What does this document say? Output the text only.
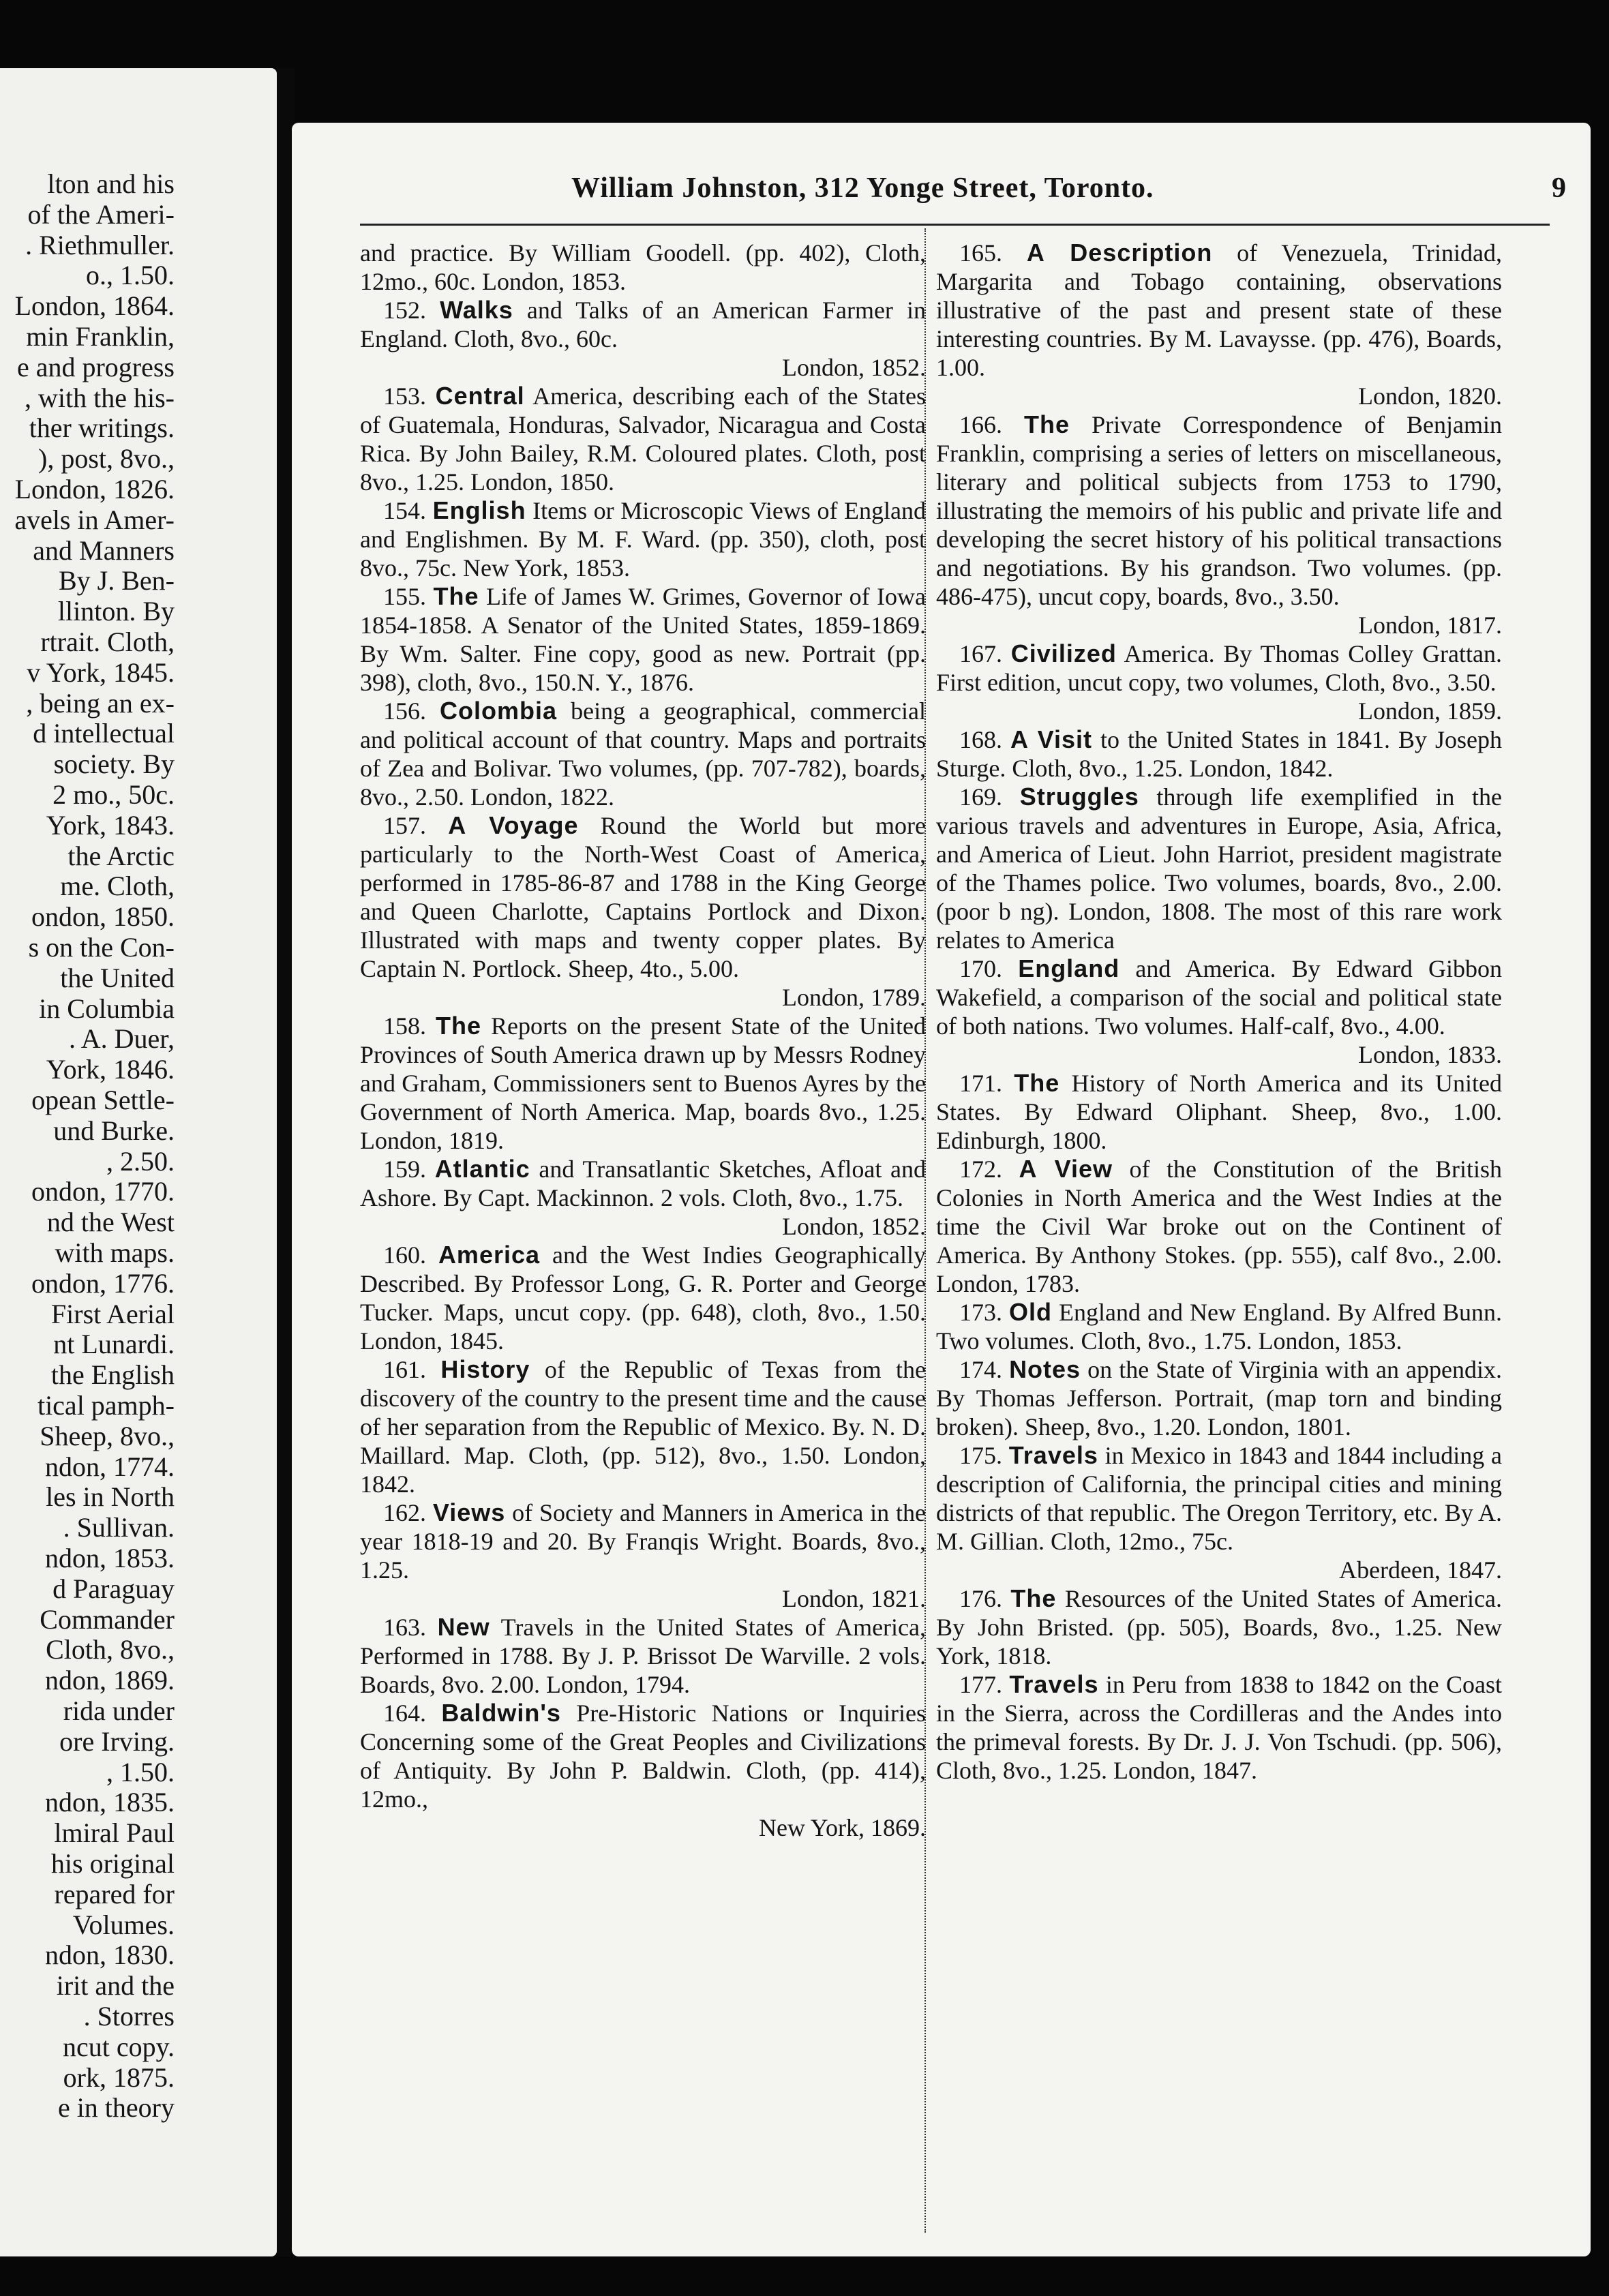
lton and his
of the Ameri-
. Riethmuller.
o., 1.50.
London, 1864.
min Franklin,
e and progress
, with the his-
ther writings.
), post, 8vo.,
London, 1826.
avels in Amer-
and Manners
By J. Ben-
llinton. By
rtrait. Cloth,
v York, 1845.
, being an ex-
d intellectual
society. By
2 mo., 50c.
York, 1843.
the Arctic
me. Cloth,
ondon, 1850.
s on the Con-
the United
in Columbia
. A. Duer,
York, 1846.
opean Settle-
und Burke.
, 2.50.
ondon, 1770.
nd the West
with maps.
ondon, 1776.
First Aerial
nt Lunardi.
the English
tical pamph-
Sheep, 8vo.,
ndon, 1774.
les in North
. Sullivan.
ndon, 1853.
d Paraguay
Commander
Cloth, 8vo.,
ndon, 1869.
rida under
ore Irving.
, 1.50.
ndon, 1835.
lmiral Paul
his original
repared for
Volumes.
ndon, 1830.
irit and the
. Storres
ncut copy.
ork, 1875.
e in theory
William Johnston, 312 Yonge Street, Toronto.	9

and practice. By William Goodell. (pp. 402), Cloth, 12mo., 60c. London, 1853.

152. Walks and Talks of an American Farmer in England. Cloth, 8vo., 60c.
London, 1852.

153. Central America, describing each of the States of Guatemala, Honduras, Salvador, Nicaragua and Costa Rica. By John Bailey, R.M. Coloured plates. Cloth, post 8vo., 1.25. London, 1850.

154. English Items or Microscopic Views of England and Englishmen. By M. F. Ward. (pp. 350), cloth, post 8vo., 75c. New York, 1853.

155. The Life of James W. Grimes, Governor of Iowa 1854-1858. A Senator of the United States, 1859-1869. By Wm. Salter. Fine copy, good as new. Portrait (pp. 398), cloth, 8vo., 150.N. Y., 1876.

156. Colombia being a geographical, commercial and political account of that country. Maps and portraits of Zea and Bolivar. Two volumes, (pp. 707-782), boards, 8vo., 2.50. London, 1822.

157. A Voyage Round the World but more particularly to the North-West Coast of America, performed in 1785-86-87 and 1788 in the King George and Queen Charlotte, Captains Portlock and Dixon. Illustrated with maps and twenty copper plates. By Captain N. Portlock. Sheep, 4to., 5.00.
London, 1789.

158. The Reports on the present State of the United Provinces of South America drawn up by Messrs Rodney and Graham, Commissioners sent to Buenos Ayres by the Government of North America. Map, boards 8vo., 1.25. London, 1819.

159. Atlantic and Transatlantic Sketches, Afloat and Ashore. By Capt. Mackinnon. 2 vols. Cloth, 8vo., 1.75.
London, 1852.

160. America and the West Indies Geographically Described. By Professor Long, G. R. Porter and George Tucker. Maps, uncut copy. (pp. 648), cloth, 8vo., 1.50. London, 1845.

161. History of the Republic of Texas from the discovery of the country to the present time and the cause of her separation from the Republic of Mexico. By. N. D. Maillard. Map. Cloth, (pp. 512), 8vo., 1.50. London, 1842.

162. Views of Society and Manners in America in the year 1818-19 and 20. By Franqis Wright. Boards, 8vo., 1.25.
London, 1821.

163. New Travels in the United States of America, Performed in 1788. By J. P. Brissot De Warville. 2 vols. Boards, 8vo. 2.00. London, 1794.

164. Baldwin's Pre-Historic Nations or Inquiries Concerning some of the Great Peoples and Civilizations of Antiquity. By John P. Baldwin. Cloth, (pp. 414), 12mo.,
New York, 1869.

165. A Description of Venezuela, Trinidad, Margarita and Tobago containing, observations illustrative of the past and present state of these interesting countries. By M. Lavaysse. (pp. 476), Boards, 1.00.
London, 1820.

166. The Private Correspondence of Benjamin Franklin, comprising a series of letters on miscellaneous, literary and political subjects from 1753 to 1790, illustrating the memoirs of his public and private life and developing the secret history of his political transactions and negotiations. By his grandson. Two volumes. (pp. 486-475), uncut copy, boards, 8vo., 3.50.
London, 1817.

167. Civilized America. By Thomas Colley Grattan. First edition, uncut copy, two volumes, Cloth, 8vo., 3.50.
London, 1859.

168. A Visit to the United States in 1841. By Joseph Sturge. Cloth, 8vo., 1.25. London, 1842.

169. Struggles through life exemplified in the various travels and adventures in Europe, Asia, Africa, and America of Lieut. John Harriot, president magistrate of the Thames police. Two volumes, boards, 8vo., 2.00. (poor b ng). London, 1808. The most of this rare work relates to America

170. England and America. By Edward Gibbon Wakefield, a comparison of the social and political state of both nations. Two volumes. Half-calf, 8vo., 4.00.
London, 1833.

171. The History of North America and its United States. By Edward Oliphant. Sheep, 8vo., 1.00. Edinburgh, 1800.

172. A View of the Constitution of the British Colonies in North America and the West Indies at the time the Civil War broke out on the Continent of America. By Anthony Stokes. (pp. 555), calf 8vo., 2.00. London, 1783.

173. Old England and New England. By Alfred Bunn. Two volumes. Cloth, 8vo., 1.75. London, 1853.

174. Notes on the State of Virginia with an appendix. By Thomas Jefferson. Portrait, (map torn and binding broken). Sheep, 8vo., 1.20. London, 1801.

175. Travels in Mexico in 1843 and 1844 including a description of California, the principal cities and mining districts of that republic. The Oregon Territory, etc. By A. M. Gillian. Cloth, 12mo., 75c.
Aberdeen, 1847.

176. The Resources of the United States of America. By John Bristed. (pp. 505), Boards, 8vo., 1.25. New York, 1818.

177. Travels in Peru from 1838 to 1842 on the Coast in the Sierra, across the Cordilleras and the Andes into the primeval forests. By Dr. J. J. Von Tschudi. (pp. 506), Cloth, 8vo., 1.25. London, 1847.
